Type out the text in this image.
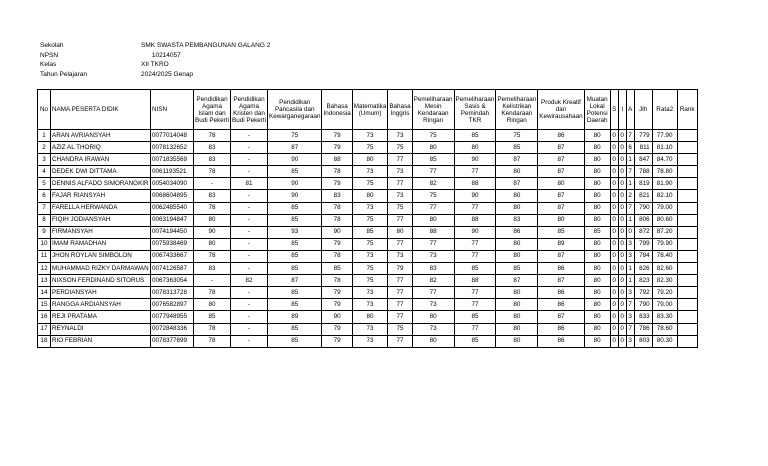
Sekolah	SMK SWASTA PEMBANGUNAN GALANG 2
NPSN	10214057
Kelas	XII TKRO
Tahun Pelajaran	2024/2025 Genap
No	NAMA PESERTA DIDIK	NISN	Pendidikan Agama Islam dan Budi Pekerti	Pendidikan Agama Kristen dan Budi Pekerti	Pendidikan Pancasila dan Kewarganegaraan	Bahasa Indonesia	Matematika (Umum)	Bahasa Inggris	Pemeliharaan Mesin Kendaraan Ringan	Pemeliharaan Sasis & Pemindah TKR	Pemeliharaan Kelistrikan Kendaraan Ringan	Produk Kreatif dan Kewirausahaan	Muatan Lokal Potensi Daerah	S	I	A	Jlh	Rata2	Rank
1	ARAN AVRIANSYAH	0077014048	78	-	75	79	73	73	75	85	75	86	80	0	0	7	779	77.90	
2	AZIZ AL THORIQ	0078132652	83	-	87	79	75	75	80	80	85	87	80	0	0	6	811	81.10	
3	CHANDRA IRAWAN	0071835569	83	-	90	88	80	77	85	90	87	87	80	0	0	1	847	84.70	
4	DEDEK DWI DITTAMA	0061193521	78	-	85	78	73	73	77	77	80	87	80	0	0	7	788	78.80	
5	DENNIS ALFADO SIMORANGKIR	0054034090	-	81	90	79	75	77	82	88	87	80	80	0	0	1	819	81.90	
6	FAJAR RIANSYAH	0068604895	83	-	90	83	80	73	75	90	80	87	80	0	0	2	821	82.10	
7	FARELLA HERWANDA	0062485540	78	-	85	78	73	75	77	77	80	87	80	0	0	7	790	79.00	
8	FIQIH JODIANSYAH	0063194847	80	-	85	78	75	77	80	88	83	80	80	0	0	1	806	80.60	
9	FIRMANSYAH	0074194450	90	-	93	90	85	80	88	90	86	85	85	0	0	0	872	87.20	
10	IMAM RAMADHAN	0075938469	80	-	85	79	75	77	77	77	80	89	80	0	0	3	799	79.90	
11	JHON ROYLAN SIMBOLON	0067433667	78	-	85	78	73	73	73	77	80	87	80	0	0	3	784	78.40	
12	MUHAMMAD RIZKY DARMAWAN	0074126587	83	-	85	85	75	79	83	85	85	86	80	0	0	1	826	82.60	
13	NIXSON FERDINAND SITORUS	0067363054	-	82	87	78	75	77	82	88	87	87	80	0	0	1	823	82.30	
14	PERDIANSYAH	0078313728	78	-	85	79	73	77	77	77	80	86	80	0	0	3	792	79.20	
15	RANGGA ARDIANSYAH	0076582897	80	-	85	79	73	77	73	77	80	86	80	0	0	7	790	79.00	
16	REJI PRATAMA	0077948955	85	-	89	90	80	77	80	85	80	87	80	0	0	3	833	83.30	
17	REYNALDI	0072848336	78	-	85	79	73	75	73	77	80	86	80	0	0	7	786	78.60	
18	RIO FEBRIAN	0078377699	78	-	85	79	73	77	80	85	80	86	80	0	0	3	803	80.30	
